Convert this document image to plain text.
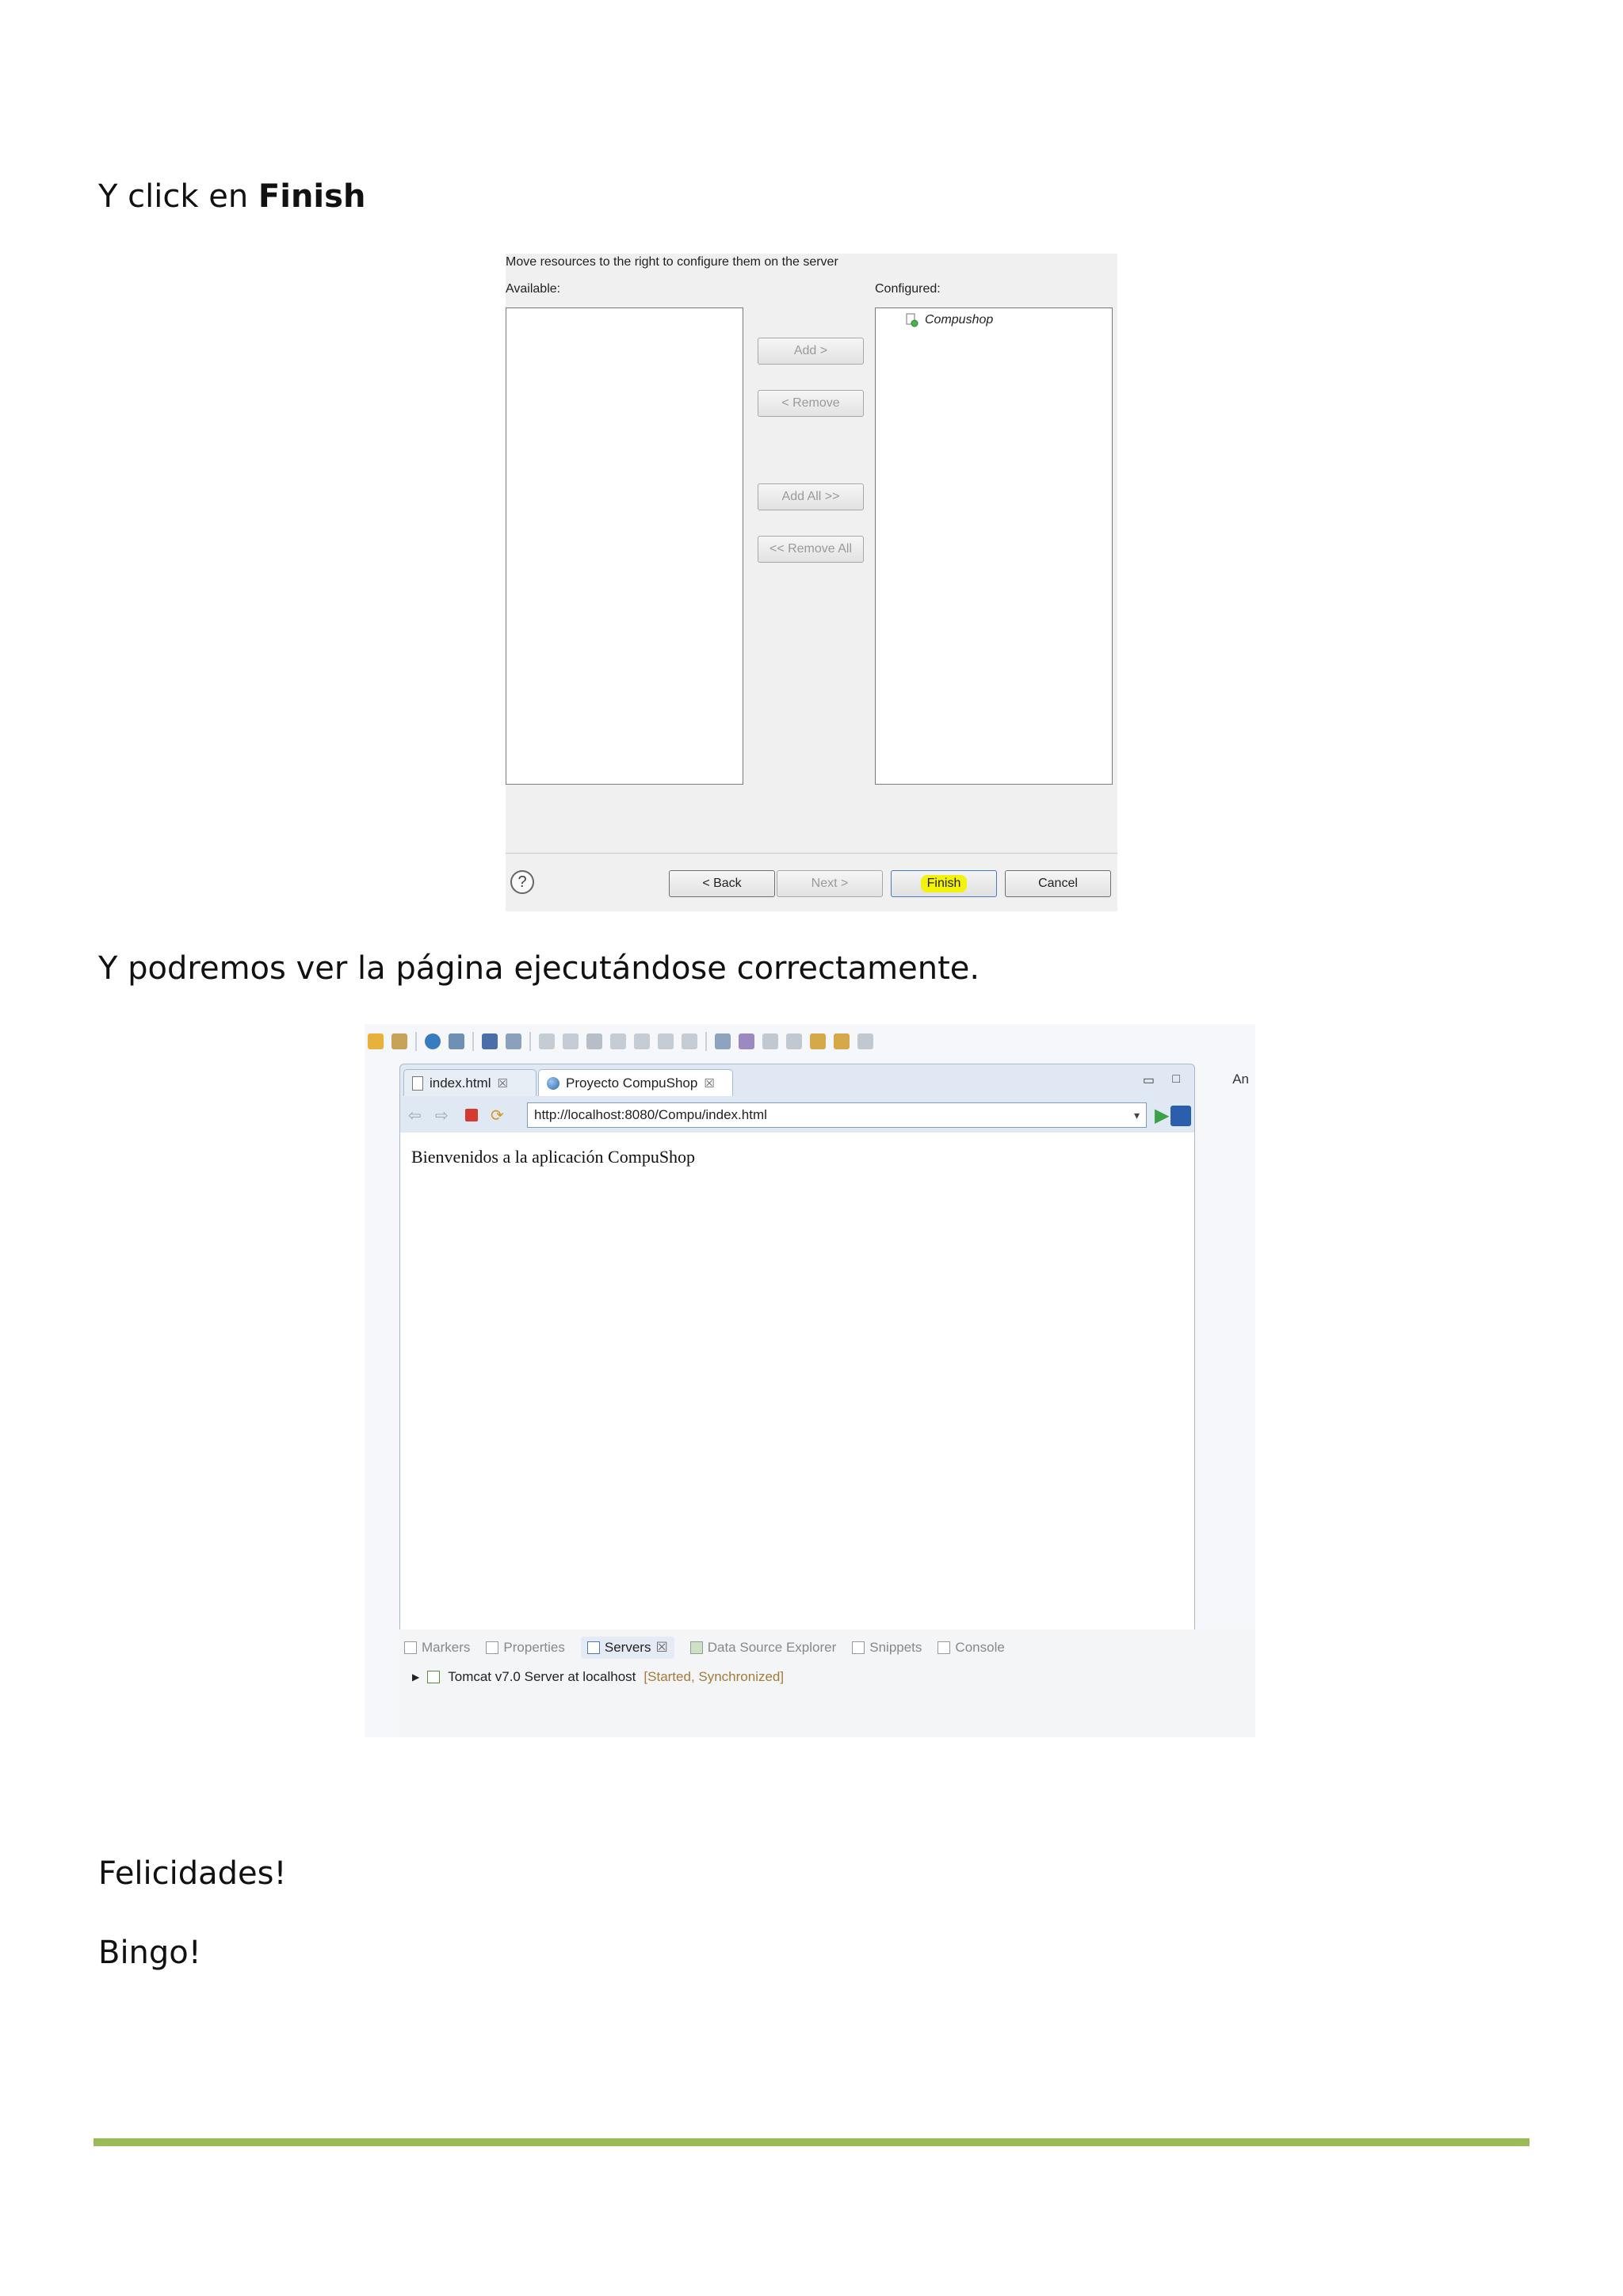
Y click en Finish

Move resources to the right to configure them on the server
Available:	Configured:
Compushop
Add >
< Remove
Add All >>
<< Remove All
?	< Back	Next >	Finish	Cancel

Y podremos ver la página ejecutándose correctamente.

index.html ☒	Proyecto CompuShop ☒	▭ □
⇦ ⇨	⟳ http://localhost:8080/Compu/index.html	▾ ▶
Bienvenidos a la aplicación CompuShop
An
Markers Properties	Servers ☒	Data Source Explorer Snippets Console
▶ Tomcat v7.0 Server at localhost [Started, Synchronized]

Felicidades!

Bingo!
